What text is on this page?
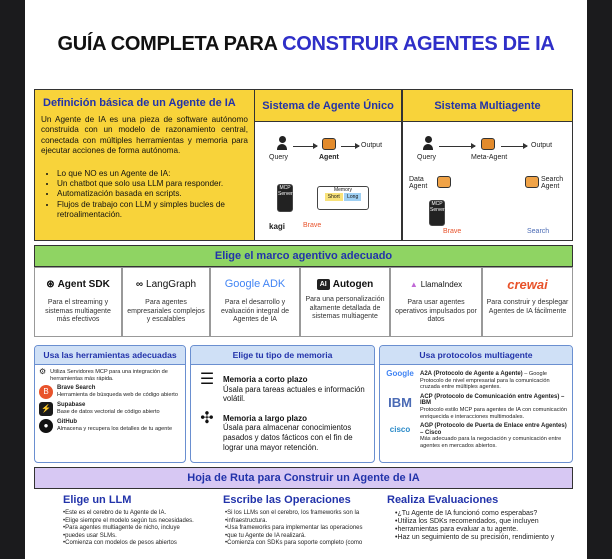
GUÍA COMPLETA PARA CONSTRUIR AGENTES DE IA
Definición básica de un Agente de IA

Un Agente de IA es una pieza de software autónomo construida con un modelo de razonamiento central, conectada con múltiples herramientas y memoria para ejecutar acciones de forma autónoma.

• Lo que NO es un Agente de IA:
• Un chatbot que solo usa LLM para responder.
• Automatización basada en scripts.
• Flujos de trabajo con LLM y simples bucles de retroalimentación.
Sistema de Agente Único
Query	Agent
Output
MCP Server
Memory
Short Long
kagi	Brave
Sistema Multiagente
Query	Meta-Agent
Output
Data Agent
Search Agent
MCP Server
Brave	Search
Elige el marco agentivo adecuado
⊛ Agent SDK
Para el streaming y sistemas multiagente más efectivos
∞ LangGraph
Para agentes empresariales complejos y escalables
Google ADK
Para el desarrollo y evaluación integral de Agentes de IA
AI Autogen
Para una personalización altamente detallada de sistemas multiagente
▲ LlamaIndex
Para usar agentes operativos impulsados por datos
crewai
Para construir y desplegar Agentes de IA fácilmente
Usa las herramientas adecuadas
⚙ Utiliza Servidores MCP para una integración de herramientas más rápida.
B	Brave Search
Herramienta de búsqueda web de código abierto
⚡	Supabase
Base de datos vectorial de código abierto
●	GitHub
Almacena y recupera los detalles de tu agente
Elige tu tipo de memoria
☰	Memoria a corto plazo
Úsala para tareas actuales e información volátil.
✣	Memoria a largo plazo
Úsala para almacenar conocimientos pasados y datos fácticos con el fin de lograr una mayor retención.
Usa protocolos multiagente
Google A2A (Protocolo de Agente a Agente) – Google Protocolo de nivel empresarial para la comunicación cruzada entre múltiples agentes.
IBM	ACP (Protocolo de Comunicación entre Agentes) – IBM
Protocolo estilo MCP para agentes de IA con comunicación enriquecida e interacciones multimodales.
cisco	AGP (Protocolo de Puerta de Enlace entre Agentes) – Cisco
Más adecuado para la negociación y comunicación entre agentes en mercados abiertos.
Hoja de Ruta para Construir un Agente de IA
Elige un LLM
• Este es el cerebro de tu Agente de IA.
• Elige siempre el modelo según tus necesidades.
• Para agentes multiagente de nicho, incluye
• puedes usar SLMs.
• Comienza con modelos de pesos abiertos
Escribe las Operaciones
• Si los LLMs son el cerebro, los frameworks son la
• infraestructura.
• Usa frameworks para implementar las operaciones
• que tu Agente de IA realizará.
• Comienza con SDKs para soporte completo (como
Realiza Evaluaciones
• ¿Tu Agente de IA funcionó como esperabas?
• Utiliza los SDKs recomendados, que incluyen
• herramientas para evaluar a tu agente.
• Haz un seguimiento de su precisión, rendimiento y
